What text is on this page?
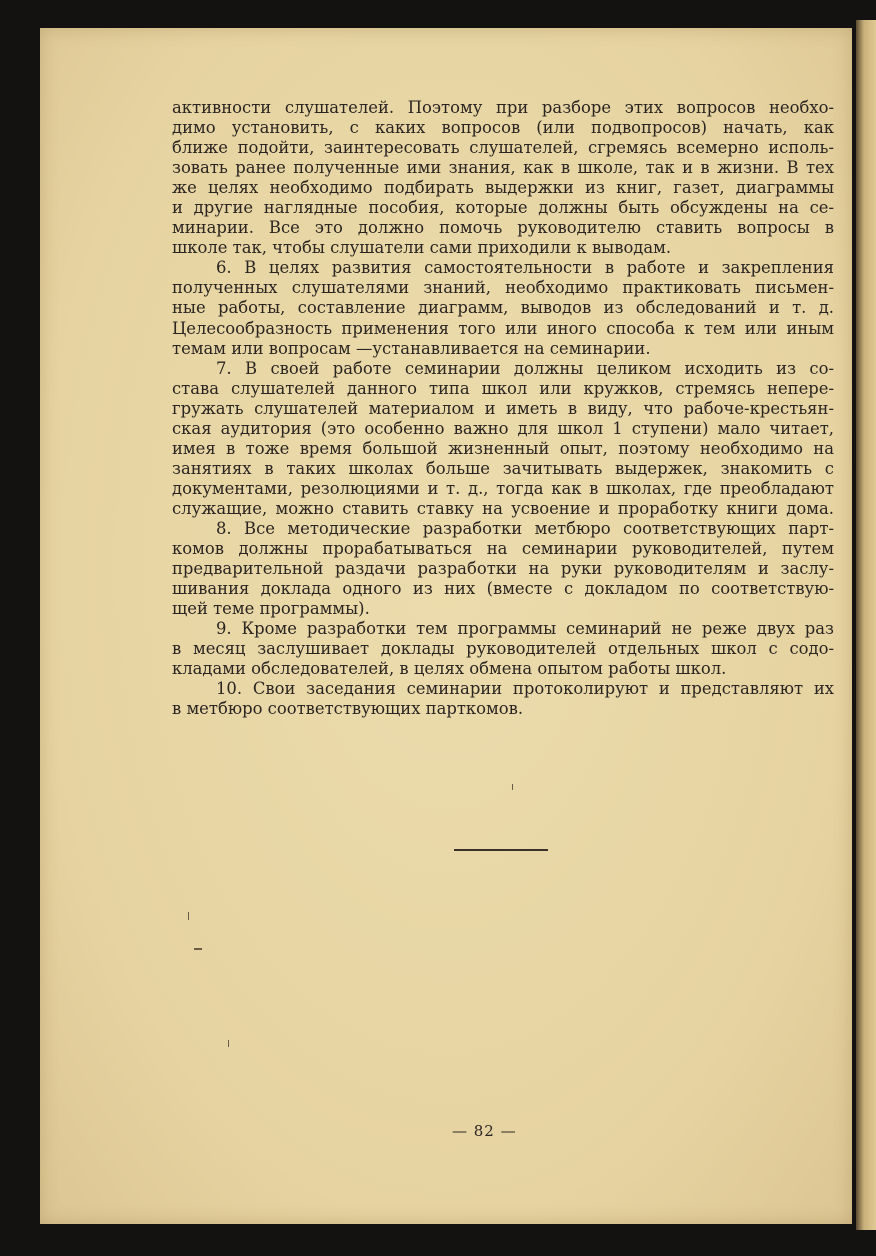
активности слушателей. Поэтому при разборе этих вопросов необхо-
димо установить, с каких вопросов (или подвопросов) начать, как
ближе подойти, заинтересовать слушателей, сгремясь всемерно исполь-
зовать ранее полученные ими знания, как в школе, так и в жизни. В тех
же целях необходимо подбирать выдержки из книг, газет, диаграммы
и другие наглядные пособия, которые должны быть обсуждены на се-
минарии. Все это должно помочь руководителю ставить вопросы в
школе так, чтобы слушатели сами приходили к выводам.
6. В целях развития самостоятельности в работе и закрепления
полученных слушателями знаний, необходимо практиковать письмен-
ные работы, составление диаграмм, выводов из обследований и т. д.
Целесообразность применения того или иного способа к тем или иным
темам или вопросам —устанавливается на семинарии.
7. В своей работе семинарии должны целиком исходить из со-
става слушателей данного типа школ или кружков, стремясь непере-
гружать слушателей материалом и иметь в виду, что рабоче-крестьян-
ская аудитория (это особенно важно для школ 1 ступени) мало читает,
имея в тоже время большой жизненный опыт, поэтому необходимо на
занятиях в таких школах больше зачитывать выдержек, знакомить с
документами, резолюциями и т. д., тогда как в школах, где преобладают
служащие, можно ставить ставку на усвоение и проработку книги дома.
8. Все методические разработки метбюро соответствующих парт-
комов должны прорабатываться на семинарии руководителей, путем
предварительной раздачи разработки на руки руководителям и заслу-
шивания доклада одного из них (вместе с докладом по соответствую-
щей теме программы).
9. Кроме разработки тем программы семинарий не реже двух раз
в месяц заслушивает доклады руководителей отдельных школ с содо-
кладами обследователей, в целях обмена опытом работы школ.
10. Свои заседания семинарии протоколируют и представляют их
в метбюро соответствующих парткомов.
— 82 —
